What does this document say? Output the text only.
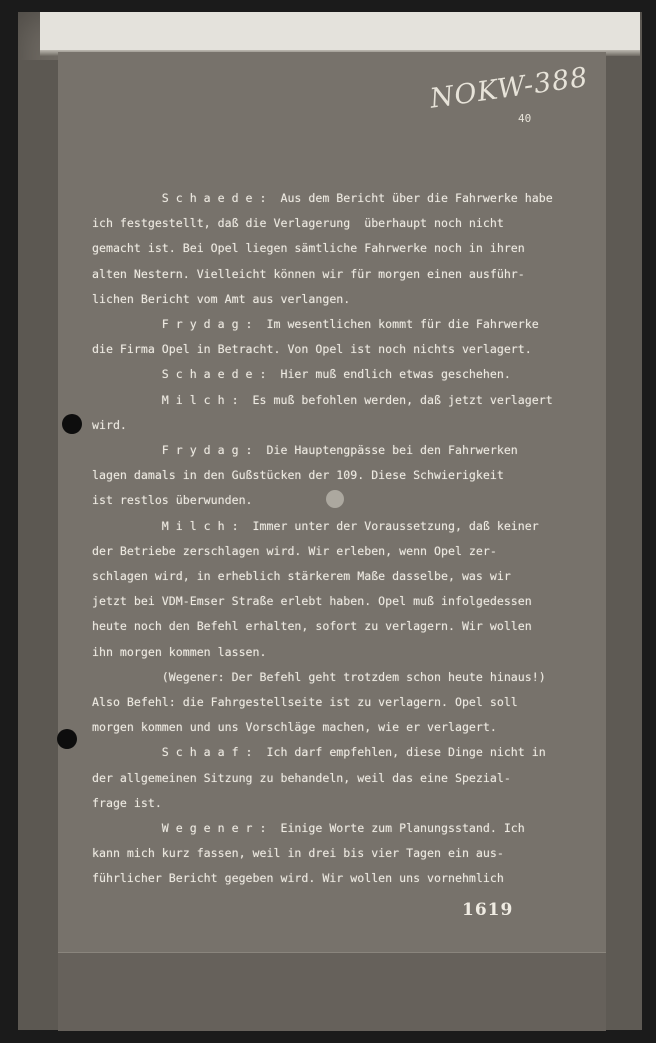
NOKW-388
40
S c h a e d e :  Aus dem Bericht über die Fahrwerke habe
ich festgestellt, daß die Verlagerung  überhaupt noch nicht
gemacht ist. Bei Opel liegen sämtliche Fahrwerke noch in ihren
alten Nestern. Vielleicht können wir für morgen einen ausführ-
lichen Bericht vom Amt aus verlangen.
F r y d a g :  Im wesentlichen kommt für die Fahrwerke
die Firma Opel in Betracht. Von Opel ist noch nichts verlagert.
S c h a e d e :  Hier muß endlich etwas geschehen.
M i l c h :  Es muß befohlen werden, daß jetzt verlagert
wird.
F r y d a g :  Die Hauptengpässe bei den Fahrwerken
lagen damals in den Gußstücken der 109. Diese Schwierigkeit
ist restlos überwunden.
M i l c h :  Immer unter der Voraussetzung, daß keiner
der Betriebe zerschlagen wird. Wir erleben, wenn Opel zer-
schlagen wird, in erheblich stärkerem Maße dasselbe, was wir
jetzt bei VDM-Emser Straße erlebt haben. Opel muß infolgedessen
heute noch den Befehl erhalten, sofort zu verlagern. Wir wollen
ihn morgen kommen lassen.
(Wegener: Der Befehl geht trotzdem schon heute hinaus!)
Also Befehl: die Fahrgestellseite ist zu verlagern. Opel soll
morgen kommen und uns Vorschläge machen, wie er verlagert.
S c h a a f :  Ich darf empfehlen, diese Dinge nicht in
der allgemeinen Sitzung zu behandeln, weil das eine Spezial-
frage ist.
W e g e n e r :  Einige Worte zum Planungsstand. Ich
kann mich kurz fassen, weil in drei bis vier Tagen ein aus-
führlicher Bericht gegeben wird. Wir wollen uns vornehmlich
1619
